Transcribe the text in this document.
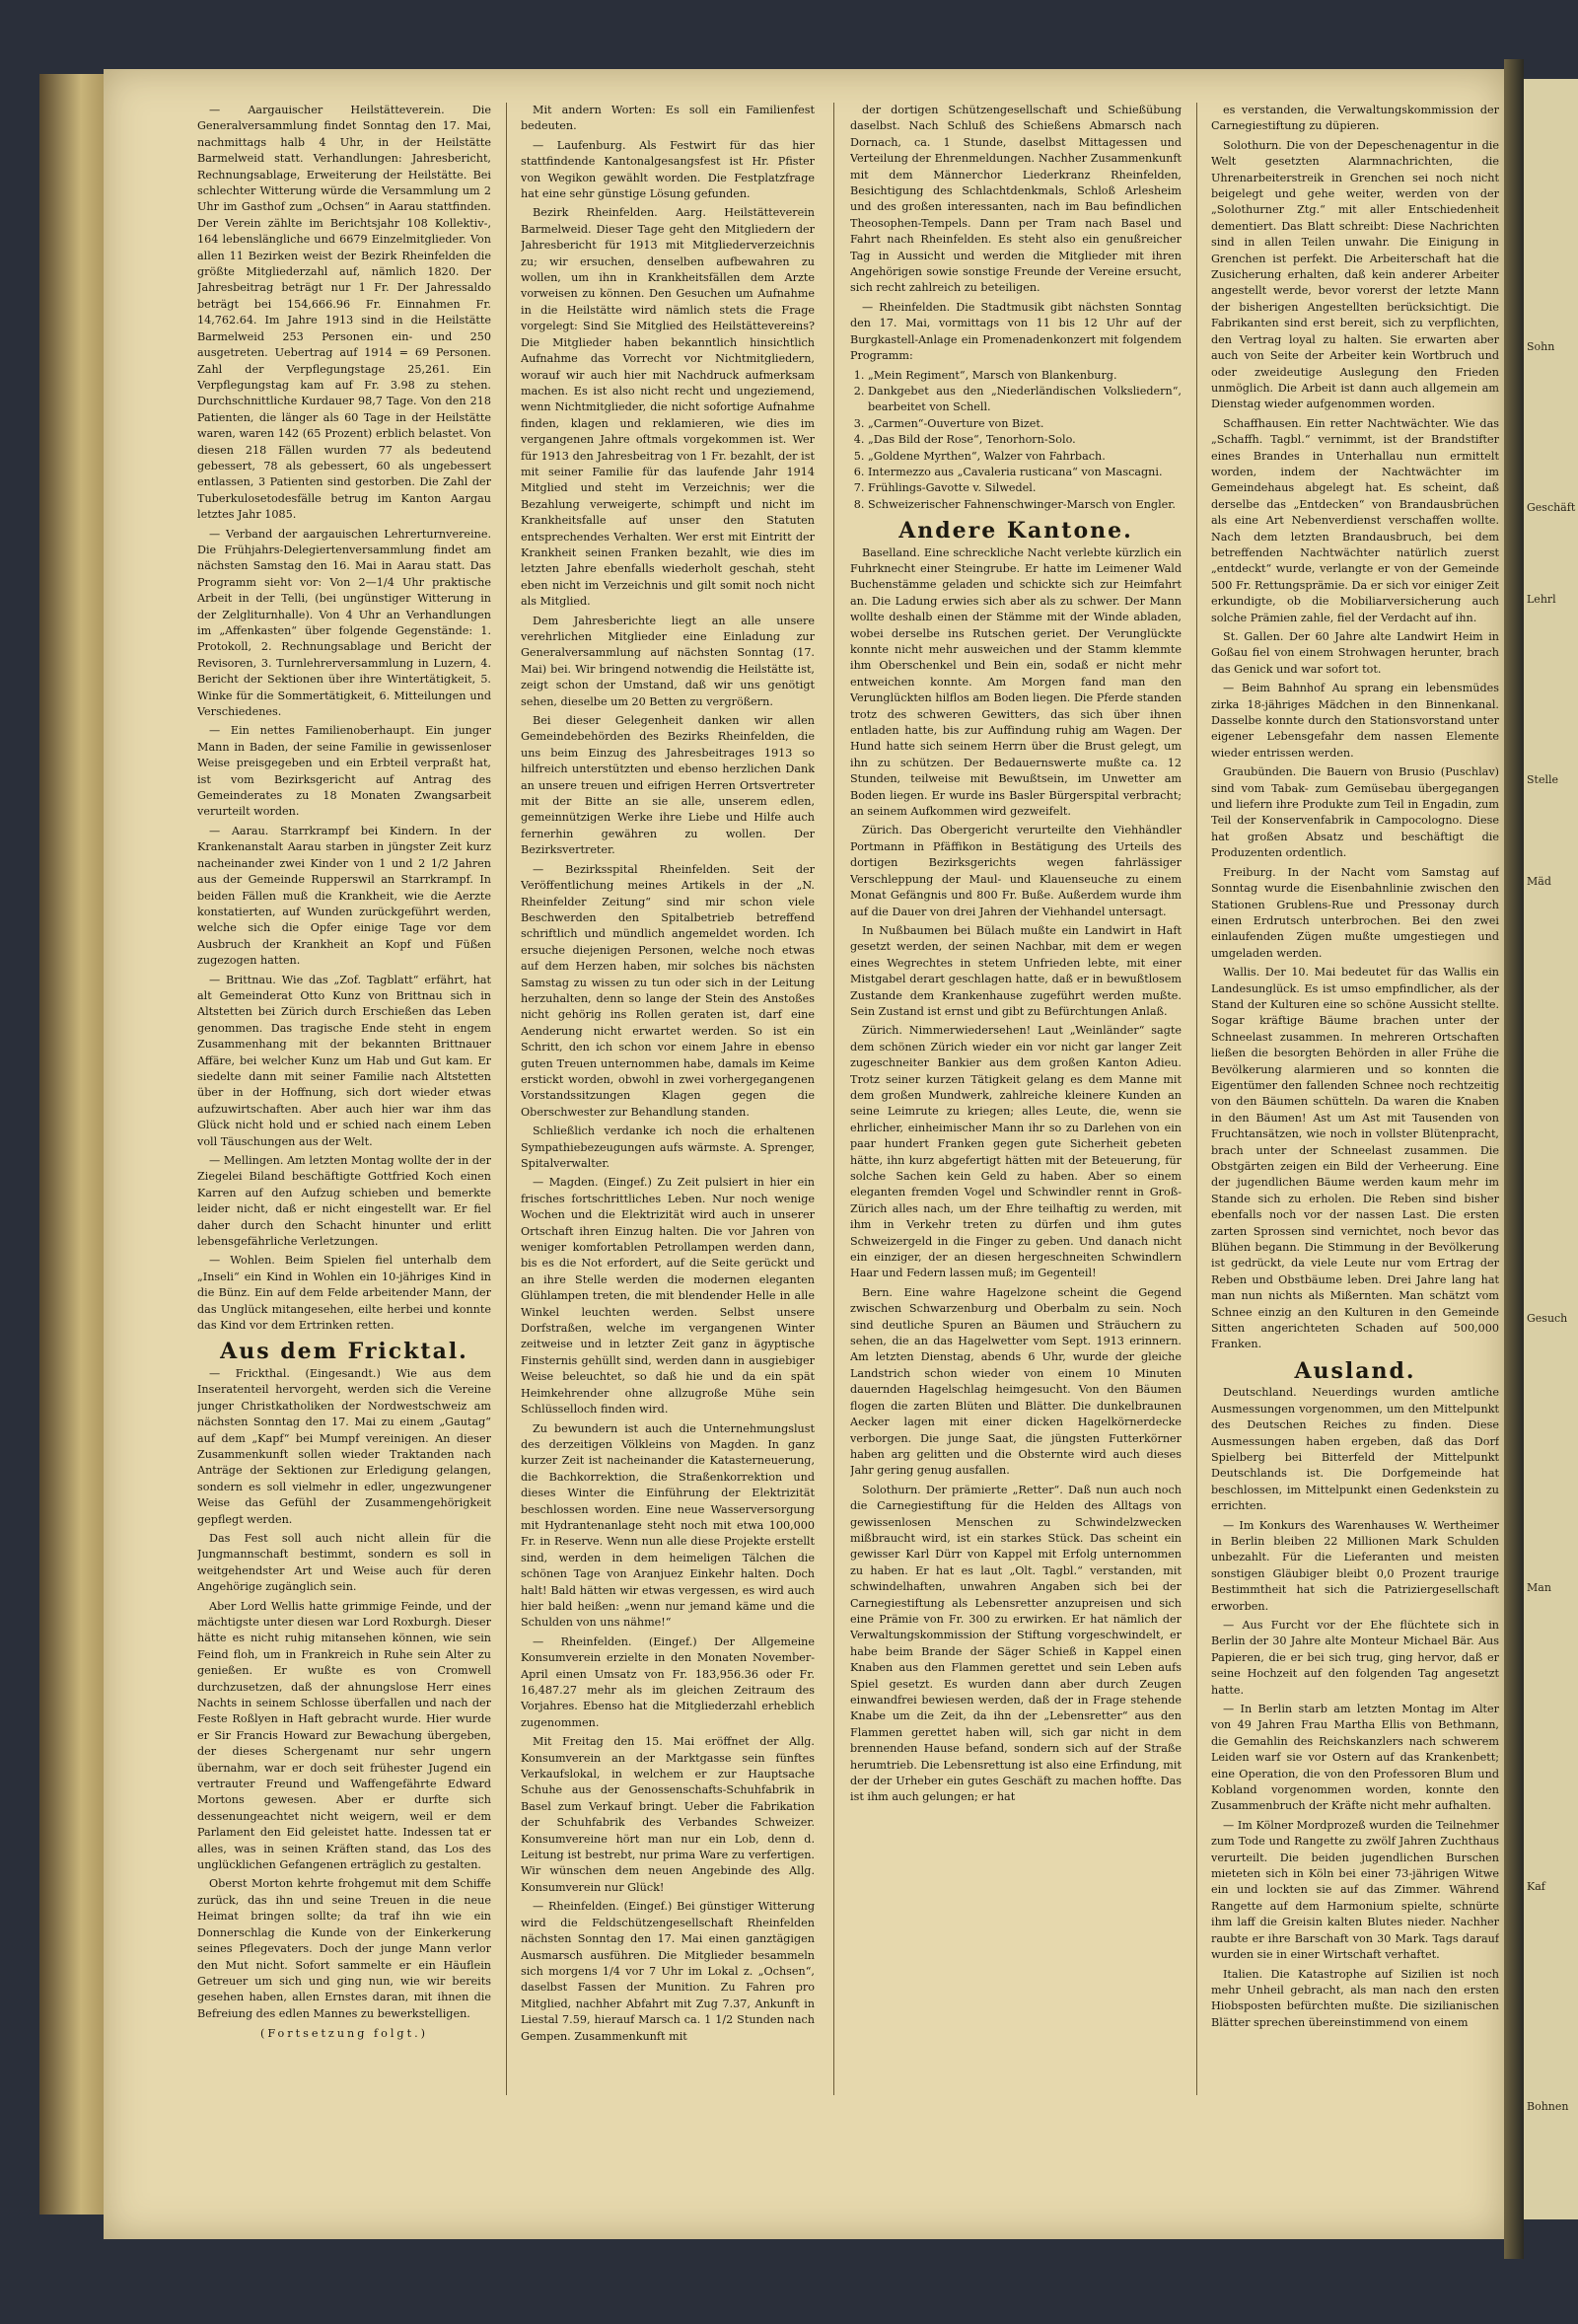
Sohn
Geschäft
Lehrl
Stelle
Mäd
Gesuch
Man
Kaf
Bohnen

— Aargauischer Heilstätteverein. Die Generalversammlung findet Sonntag den 17. Mai, nachmittags halb 4 Uhr, in der Heilstätte Barmelweid statt. Verhandlungen: Jahresbericht, Rechnungsablage, Erweiterung der Heilstätte. Bei schlechter Witterung würde die Versammlung um 2 Uhr im Gasthof zum „Ochsen“ in Aarau stattfinden. Der Verein zählte im Berichtsjahr 108 Kollektiv-, 164 lebenslängliche und 6679 Einzelmitglieder. Von allen 11 Bezirken weist der Bezirk Rheinfelden die größte Mitgliederzahl auf, nämlich 1820. Der Jahresbeitrag beträgt nur 1 Fr. Der Jahressaldo beträgt bei 154,666.96 Fr. Einnahmen Fr. 14,762.64. Im Jahre 1913 sind in die Heilstätte Barmelweid 253 Personen ein- und 250 ausgetreten. Uebertrag auf 1914 = 69 Personen. Zahl der Verpflegungstage 25,261. Ein Verpflegungstag kam auf Fr. 3.98 zu stehen. Durchschnittliche Kurdauer 98,7 Tage. Von den 218 Patienten, die länger als 60 Tage in der Heilstätte waren, waren 142 (65 Prozent) erblich belastet. Von diesen 218 Fällen wurden 77 als bedeutend gebessert, 78 als gebessert, 60 als ungebessert entlassen, 3 Patienten sind gestorben. Die Zahl der Tuberkulosetodesfälle betrug im Kanton Aargau letztes Jahr 1085.

— Verband der aargauischen Lehrerturnvereine. Die Frühjahrs-Delegiertenversammlung findet am nächsten Samstag den 16. Mai in Aarau statt. Das Programm sieht vor: Von 2—1/4 Uhr praktische Arbeit in der Telli, (bei ungünstiger Witterung in der Zelgliturnhalle). Von 4 Uhr an Verhandlungen im „Affenkasten“ über folgende Gegenstände: 1. Protokoll, 2. Rechnungsablage und Bericht der Revisoren, 3. Turnlehrerversammlung in Luzern, 4. Bericht der Sektionen über ihre Wintertätigkeit, 5. Winke für die Sommertätigkeit, 6. Mitteilungen und Verschiedenes.

— Ein nettes Familienoberhaupt. Ein junger Mann in Baden, der seine Familie in gewissenloser Weise preisgegeben und ein Erbteil verpraßt hat, ist vom Bezirksgericht auf Antrag des Gemeinderates zu 18 Monaten Zwangsarbeit verurteilt worden.

— Aarau. Starrkrampf bei Kindern. In der Krankenanstalt Aarau starben in jüngster Zeit kurz nacheinander zwei Kinder von 1 und 2 1/2 Jahren aus der Gemeinde Rupperswil an Starrkrampf. In beiden Fällen muß die Krankheit, wie die Aerzte konstatierten, auf Wunden zurückgeführt werden, welche sich die Opfer einige Tage vor dem Ausbruch der Krankheit an Kopf und Füßen zugezogen hatten.

— Brittnau. Wie das „Zof. Tagblatt“ erfährt, hat alt Gemeinderat Otto Kunz von Brittnau sich in Altstetten bei Zürich durch Erschießen das Leben genommen. Das tragische Ende steht in engem Zusammenhang mit der bekannten Brittnauer Affäre, bei welcher Kunz um Hab und Gut kam. Er siedelte dann mit seiner Familie nach Altstetten über in der Hoffnung, sich dort wieder etwas aufzuwirtschaften. Aber auch hier war ihm das Glück nicht hold und er schied nach einem Leben voll Täuschungen aus der Welt.

— Mellingen. Am letzten Montag wollte der in der Ziegelei Biland beschäftigte Gottfried Koch einen Karren auf den Aufzug schieben und bemerkte leider nicht, daß er nicht eingestellt war. Er fiel daher durch den Schacht hinunter und erlitt lebensgefährliche Verletzungen.

— Wohlen. Beim Spielen fiel unterhalb dem „Inseli“ ein Kind in Wohlen ein 10-jähriges Kind in die Bünz. Ein auf dem Felde arbeitender Mann, der das Unglück mitangesehen, eilte herbei und konnte das Kind vor dem Ertrinken retten.

Aus dem Fricktal.

— Frickthal. (Eingesandt.) Wie aus dem Inseratenteil hervorgeht, werden sich die Vereine junger Christkatholiken der Nordwestschweiz am nächsten Sonntag den 17. Mai zu einem „Gautag“ auf dem „Kapf“ bei Mumpf vereinigen. An dieser Zusammenkunft sollen wieder Traktanden nach Anträge der Sektionen zur Erledigung gelangen, sondern es soll vielmehr in edler, ungezwungener Weise das Gefühl der Zusammengehörigkeit gepflegt werden.

Das Fest soll auch nicht allein für die Jungmannschaft bestimmt, sondern es soll in weitgehendster Art und Weise auch für deren Angehörige zugänglich sein.

Aber Lord Wellis hatte grimmige Feinde, und der mächtigste unter diesen war Lord Roxburgh. Dieser hätte es nicht ruhig mitansehen können, wie sein Feind floh, um in Frankreich in Ruhe sein Alter zu genießen. Er wußte es von Cromwell durchzusetzen, daß der ahnungslose Herr eines Nachts in seinem Schlosse überfallen und nach der Feste Roßlyen in Haft gebracht wurde. Hier wurde er Sir Francis Howard zur Bewachung übergeben, der dieses Schergenamt nur sehr ungern übernahm, war er doch seit frühester Jugend ein vertrauter Freund und Waffengefährte Edward Mortons gewesen. Aber er durfte sich dessenungeachtet nicht weigern, weil er dem Parlament den Eid geleistet hatte. Indessen tat er alles, was in seinen Kräften stand, das Los des unglücklichen Gefangenen erträglich zu gestalten.

Oberst Morton kehrte frohgemut mit dem Schiffe zurück, das ihn und seine Treuen in die neue Heimat bringen sollte; da traf ihn wie ein Donnerschlag die Kunde von der Einkerkerung seines Pflegevaters. Doch der junge Mann verlor den Mut nicht. Sofort sammelte er ein Häuflein Getreuer um sich und ging nun, wie wir bereits gesehen haben, allen Ernstes daran, mit ihnen die Befreiung des edlen Mannes zu bewerkstelligen.

(Fortsetzung folgt.)

Mit andern Worten: Es soll ein Familienfest bedeuten.

— Laufenburg. Als Festwirt für das hier stattfindende Kantonalgesangsfest ist Hr. Pfister von Wegikon gewählt worden. Die Festplatzfrage hat eine sehr günstige Lösung gefunden.

Bezirk Rheinfelden. Aarg. Heilstätteverein Barmelweid. Dieser Tage geht den Mitgliedern der Jahresbericht für 1913 mit Mitgliederverzeichnis zu; wir ersuchen, denselben aufbewahren zu wollen, um ihn in Krankheitsfällen dem Arzte vorweisen zu können. Den Gesuchen um Aufnahme in die Heilstätte wird nämlich stets die Frage vorgelegt: Sind Sie Mitglied des Heilstättevereins? Die Mitglieder haben bekanntlich hinsichtlich Aufnahme das Vorrecht vor Nichtmitgliedern, worauf wir auch hier mit Nachdruck aufmerksam machen. Es ist also nicht recht und ungeziemend, wenn Nichtmitglieder, die nicht sofortige Aufnahme finden, klagen und reklamieren, wie dies im vergangenen Jahre oftmals vorgekommen ist. Wer für 1913 den Jahresbeitrag von 1 Fr. bezahlt, der ist mit seiner Familie für das laufende Jahr 1914 Mitglied und steht im Verzeichnis; wer die Bezahlung verweigerte, schimpft und nicht im Krankheitsfalle auf unser den Statuten entsprechendes Verhalten. Wer erst mit Eintritt der Krankheit seinen Franken bezahlt, wie dies im letzten Jahre ebenfalls wiederholt geschah, steht eben nicht im Verzeichnis und gilt somit noch nicht als Mitglied.

Dem Jahresberichte liegt an alle unsere verehrlichen Mitglieder eine Einladung zur Generalversammlung auf nächsten Sonntag (17. Mai) bei. Wir bringend notwendig die Heilstätte ist, zeigt schon der Umstand, daß wir uns genötigt sehen, dieselbe um 20 Betten zu vergrößern.

Bei dieser Gelegenheit danken wir allen Gemeindebehörden des Bezirks Rheinfelden, die uns beim Einzug des Jahresbeitrages 1913 so hilfreich unterstützten und ebenso herzlichen Dank an unsere treuen und eifrigen Herren Ortsvertreter mit der Bitte an sie alle, unserem edlen, gemeinnützigen Werke ihre Liebe und Hilfe auch fernerhin gewähren zu wollen. Der Bezirksvertreter.

— Bezirksspital Rheinfelden. Seit der Veröffentlichung meines Artikels in der „N. Rheinfelder Zeitung“ sind mir schon viele Beschwerden den Spitalbetrieb betreffend schriftlich und mündlich angemeldet worden. Ich ersuche diejenigen Personen, welche noch etwas auf dem Herzen haben, mir solches bis nächsten Samstag zu wissen zu tun oder sich in der Leitung herzuhalten, denn so lange der Stein des Anstoßes nicht gehörig ins Rollen geraten ist, darf eine Aenderung nicht erwartet werden. So ist ein Schritt, den ich schon vor einem Jahre in ebenso guten Treuen unternommen habe, damals im Keime erstickt worden, obwohl in zwei vorhergegangenen Vorstandssitzungen Klagen gegen die Oberschwester zur Behandlung standen.

Schließlich verdanke ich noch die erhaltenen Sympathiebezeugungen aufs wärmste. A. Sprenger, Spitalverwalter.

— Magden. (Eingef.) Zu Zeit pulsiert in hier ein frisches fortschrittliches Leben. Nur noch wenige Wochen und die Elektrizität wird auch in unserer Ortschaft ihren Einzug halten. Die vor Jahren von weniger komfortablen Petrollampen werden dann, bis es die Not erfordert, auf die Seite gerückt und an ihre Stelle werden die modernen eleganten Glühlampen treten, die mit blendender Helle in alle Winkel leuchten werden. Selbst unsere Dorfstraßen, welche im vergangenen Winter zeitweise und in letzter Zeit ganz in ägyptische Finsternis gehüllt sind, werden dann in ausgiebiger Weise beleuchtet, so daß hie und da ein spät Heimkehrender ohne allzugroße Mühe sein Schlüsselloch finden wird.

Zu bewundern ist auch die Unternehmungslust des derzeitigen Völkleins von Magden. In ganz kurzer Zeit ist nacheinander die Katasterneuerung, die Bachkorrektion, die Straßenkorrektion und dieses Winter die Einführung der Elektrizität beschlossen worden. Eine neue Wasserversorgung mit Hydrantenanlage steht noch mit etwa 100,000 Fr. in Reserve. Wenn nun alle diese Projekte erstellt sind, werden in dem heimeligen Tälchen die schönen Tage von Aranjuez Einkehr halten. Doch halt! Bald hätten wir etwas vergessen, es wird auch hier bald heißen: „wenn nur jemand käme und die Schulden von uns nähme!“

— Rheinfelden. (Eingef.) Der Allgemeine Konsumverein erzielte in den Monaten November-April einen Umsatz von Fr. 183,956.36 oder Fr. 16,487.27 mehr als im gleichen Zeitraum des Vorjahres. Ebenso hat die Mitgliederzahl erheblich zugenommen.

Mit Freitag den 15. Mai eröffnet der Allg. Konsumverein an der Marktgasse sein fünftes Verkaufslokal, in welchem er zur Hauptsache Schuhe aus der Genossenschafts-Schuhfabrik in Basel zum Verkauf bringt. Ueber die Fabrikation der Schuhfabrik des Verbandes Schweizer. Konsumvereine hört man nur ein Lob, denn d. Leitung ist bestrebt, nur prima Ware zu verfertigen. Wir wünschen dem neuen Angebinde des Allg. Konsumverein nur Glück!

— Rheinfelden. (Eingef.) Bei günstiger Witterung wird die Feldschützengesellschaft Rheinfelden nächsten Sonntag den 17. Mai einen ganztägigen Ausmarsch ausführen. Die Mitglieder besammeln sich morgens 1/4 vor 7 Uhr im Lokal z. „Ochsen“, daselbst Fassen der Munition. Zu Fahren pro Mitglied, nachher Abfahrt mit Zug 7.37, Ankunft in Liestal 7.59, hierauf Marsch ca. 1 1/2 Stunden nach Gempen. Zusammenkunft mit

der dortigen Schützengesellschaft und Schießübung daselbst. Nach Schluß des Schießens Abmarsch nach Dornach, ca. 1 Stunde, daselbst Mittagessen und Verteilung der Ehrenmeldungen. Nachher Zusammenkunft mit dem Männerchor Liederkranz Rheinfelden, Besichtigung des Schlachtdenkmals, Schloß Arlesheim und des großen interessanten, nach im Bau befindlichen Theosophen-Tempels. Dann per Tram nach Basel und Fahrt nach Rheinfelden. Es steht also ein genußreicher Tag in Aussicht und werden die Mitglieder mit ihren Angehörigen sowie sonstige Freunde der Vereine ersucht, sich recht zahlreich zu beteiligen.

— Rheinfelden. Die Stadtmusik gibt nächsten Sonntag den 17. Mai, vormittags von 11 bis 12 Uhr auf der Burgkastell-Anlage ein Promenadenkonzert mit folgendem Programm:

1. „Mein Regiment“, Marsch von Blankenburg.
2. Dankgebet aus den „Niederländischen Volksliedern“, bearbeitet von Schell.
3. „Carmen“-Ouverture von Bizet.
4. „Das Bild der Rose“, Tenorhorn-Solo.
5. „Goldene Myrthen“, Walzer von Fahrbach.
6. Intermezzo aus „Cavaleria rusticana“ von Mascagni.
7. Frühlings-Gavotte v. Silwedel.
8. Schweizerischer Fahnenschwinger-Marsch von Engler.
Andere Kantone.

Baselland. Eine schreckliche Nacht verlebte kürzlich ein Fuhrknecht einer Steingrube. Er hatte im Leimener Wald Buchenstämme geladen und schickte sich zur Heimfahrt an. Die Ladung erwies sich aber als zu schwer. Der Mann wollte deshalb einen der Stämme mit der Winde abladen, wobei derselbe ins Rutschen geriet. Der Verunglückte konnte nicht mehr ausweichen und der Stamm klemmte ihm Oberschenkel und Bein ein, sodaß er nicht mehr entweichen konnte. Am Morgen fand man den Verunglückten hilflos am Boden liegen. Die Pferde standen trotz des schweren Gewitters, das sich über ihnen entladen hatte, bis zur Auffindung ruhig am Wagen. Der Hund hatte sich seinem Herrn über die Brust gelegt, um ihn zu schützen. Der Bedauernswerte mußte ca. 12 Stunden, teilweise mit Bewußtsein, im Unwetter am Boden liegen. Er wurde ins Basler Bürgerspital verbracht; an seinem Aufkommen wird gezweifelt.

Zürich. Das Obergericht verurteilte den Viehhändler Portmann in Pfäffikon in Bestätigung des Urteils des dortigen Bezirksgerichts wegen fahrlässiger Verschleppung der Maul- und Klauenseuche zu einem Monat Gefängnis und 800 Fr. Buße. Außerdem wurde ihm auf die Dauer von drei Jahren der Viehhandel untersagt.

In Nußbaumen bei Bülach mußte ein Landwirt in Haft gesetzt werden, der seinen Nachbar, mit dem er wegen eines Wegrechtes in stetem Unfrieden lebte, mit einer Mistgabel derart geschlagen hatte, daß er in bewußtlosem Zustande dem Krankenhause zugeführt werden mußte. Sein Zustand ist ernst und gibt zu Befürchtungen Anlaß.

Zürich. Nimmerwiedersehen! Laut „Weinländer“ sagte dem schönen Zürich wieder ein vor nicht gar langer Zeit zugeschneiter Bankier aus dem großen Kanton Adieu. Trotz seiner kurzen Tätigkeit gelang es dem Manne mit dem großen Mundwerk, zahlreiche kleinere Kunden an seine Leimrute zu kriegen; alles Leute, die, wenn sie ehrlicher, einheimischer Mann ihr so zu Darlehen von ein paar hundert Franken gegen gute Sicherheit gebeten hätte, ihn kurz abgefertigt hätten mit der Beteuerung, für solche Sachen kein Geld zu haben. Aber so einem eleganten fremden Vogel und Schwindler rennt in Groß-Zürich alles nach, um der Ehre teilhaftig zu werden, mit ihm in Verkehr treten zu dürfen und ihm gutes Schweizergeld in die Finger zu geben. Und danach nicht ein einziger, der an diesen hergeschneiten Schwindlern Haar und Federn lassen muß; im Gegenteil!

Bern. Eine wahre Hagelzone scheint die Gegend zwischen Schwarzenburg und Oberbalm zu sein. Noch sind deutliche Spuren an Bäumen und Sträuchern zu sehen, die an das Hagelwetter vom Sept. 1913 erinnern. Am letzten Dienstag, abends 6 Uhr, wurde der gleiche Landstrich schon wieder von einem 10 Minuten dauernden Hagelschlag heimgesucht. Von den Bäumen flogen die zarten Blüten und Blätter. Die dunkelbraunen Aecker lagen mit einer dicken Hagelkörnerdecke verborgen. Die junge Saat, die jüngsten Futterkörner haben arg gelitten und die Obsternte wird auch dieses Jahr gering genug ausfallen.

Solothurn. Der prämierte „Retter“. Daß nun auch noch die Carnegiestiftung für die Helden des Alltags von gewissenlosen Menschen zu Schwindelzwecken mißbraucht wird, ist ein starkes Stück. Das scheint ein gewisser Karl Dürr von Kappel mit Erfolg unternommen zu haben. Er hat es laut „Olt. Tagbl.“ verstanden, mit schwindelhaften, unwahren Angaben sich bei der Carnegiestiftung als Lebensretter anzupreisen und sich eine Prämie von Fr. 300 zu erwirken. Er hat nämlich der Verwaltungskommission der Stiftung vorgeschwindelt, er habe beim Brande der Säger Schieß in Kappel einen Knaben aus den Flammen gerettet und sein Leben aufs Spiel gesetzt. Es wurden dann aber durch Zeugen einwandfrei bewiesen werden, daß der in Frage stehende Knabe um die Zeit, da ihn der „Lebensretter“ aus den Flammen gerettet haben will, sich gar nicht in dem brennenden Hause befand, sondern sich auf der Straße herumtrieb. Die Lebensrettung ist also eine Erfindung, mit der der Urheber ein gutes Geschäft zu machen hoffte. Das ist ihm auch gelungen; er hat

es verstanden, die Verwaltungskommission der Carnegiestiftung zu düpieren.

Solothurn. Die von der Depeschenagentur in die Welt gesetzten Alarmnachrichten, die Uhrenarbeiterstreik in Grenchen sei noch nicht beigelegt und gehe weiter, werden von der „Solothurner Ztg.“ mit aller Entschiedenheit dementiert. Das Blatt schreibt: Diese Nachrichten sind in allen Teilen unwahr. Die Einigung in Grenchen ist perfekt. Die Arbeiterschaft hat die Zusicherung erhalten, daß kein anderer Arbeiter angestellt werde, bevor vorerst der letzte Mann der bisherigen Angestellten berücksichtigt. Die Fabrikanten sind erst bereit, sich zu verpflichten, den Vertrag loyal zu halten. Sie erwarten aber auch von Seite der Arbeiter kein Wortbruch und oder zweideutige Auslegung den Frieden unmöglich. Die Arbeit ist dann auch allgemein am Dienstag wieder aufgenommen worden.

Schaffhausen. Ein retter Nachtwächter. Wie das „Schaffh. Tagbl.“ vernimmt, ist der Brandstifter eines Brandes in Unterhallau nun ermittelt worden, indem der Nachtwächter im Gemeindehaus abgelegt hat. Es scheint, daß derselbe das „Entdecken“ von Brandausbrüchen als eine Art Nebenverdienst verschaffen wollte. Nach dem letzten Brandausbruch, bei dem betreffenden Nachtwächter natürlich zuerst „entdeckt“ wurde, verlangte er von der Gemeinde 500 Fr. Rettungsprämie. Da er sich vor einiger Zeit erkundigte, ob die Mobiliarversicherung auch solche Prämien zahle, fiel der Verdacht auf ihn.

St. Gallen. Der 60 Jahre alte Landwirt Heim in Goßau fiel von einem Strohwagen herunter, brach das Genick und war sofort tot.

— Beim Bahnhof Au sprang ein lebensmüdes zirka 18-jähriges Mädchen in den Binnenkanal. Dasselbe konnte durch den Stationsvorstand unter eigener Lebensgefahr dem nassen Elemente wieder entrissen werden.

Graubünden. Die Bauern von Brusio (Puschlav) sind vom Tabak- zum Gemüsebau übergegangen und liefern ihre Produkte zum Teil in Engadin, zum Teil der Konservenfabrik in Campocologno. Diese hat großen Absatz und beschäftigt die Produzenten ordentlich.

Freiburg. In der Nacht vom Samstag auf Sonntag wurde die Eisenbahnlinie zwischen den Stationen Grublens-Rue und Pressonay durch einen Erdrutsch unterbrochen. Bei den zwei einlaufenden Zügen mußte umgestiegen und umgeladen werden.

Wallis. Der 10. Mai bedeutet für das Wallis ein Landesunglück. Es ist umso empfindlicher, als der Stand der Kulturen eine so schöne Aussicht stellte. Sogar kräftige Bäume brachen unter der Schneelast zusammen. In mehreren Ortschaften ließen die besorgten Behörden in aller Frühe die Bevölkerung alarmieren und so konnten die Eigentümer den fallenden Schnee noch rechtzeitig von den Bäumen schütteln. Da waren die Knaben in den Bäumen! Ast um Ast mit Tausenden von Fruchtansätzen, wie noch in vollster Blütenpracht, brach unter der Schneelast zusammen. Die Obstgärten zeigen ein Bild der Verheerung. Eine der jugendlichen Bäume werden kaum mehr im Stande sich zu erholen. Die Reben sind bisher ebenfalls noch vor der nassen Last. Die ersten zarten Sprossen sind vernichtet, noch bevor das Blühen begann. Die Stimmung in der Bevölkerung ist gedrückt, da viele Leute nur vom Ertrag der Reben und Obstbäume leben. Drei Jahre lang hat man nun nichts als Mißernten. Man schätzt vom Schnee einzig an den Kulturen in den Gemeinde Sitten angerichteten Schaden auf 500,000 Franken.

Ausland.

Deutschland. Neuerdings wurden amtliche Ausmessungen vorgenommen, um den Mittelpunkt des Deutschen Reiches zu finden. Diese Ausmessungen haben ergeben, daß das Dorf Spielberg bei Bitterfeld der Mittelpunkt Deutschlands ist. Die Dorfgemeinde hat beschlossen, im Mittelpunkt einen Gedenkstein zu errichten.

— Im Konkurs des Warenhauses W. Wertheimer in Berlin bleiben 22 Millionen Mark Schulden unbezahlt. Für die Lieferanten und meisten sonstigen Gläubiger bleibt 0,0 Prozent traurige Bestimmtheit hat sich die Patriziergesellschaft erworben.

— Aus Furcht vor der Ehe flüchtete sich in Berlin der 30 Jahre alte Monteur Michael Bär. Aus Papieren, die er bei sich trug, ging hervor, daß er seine Hochzeit auf den folgenden Tag angesetzt hatte.

— In Berlin starb am letzten Montag im Alter von 49 Jahren Frau Martha Ellis von Bethmann, die Gemahlin des Reichskanzlers nach schwerem Leiden warf sie vor Ostern auf das Krankenbett; eine Operation, die von den Professoren Blum und Kobland vorgenommen worden, konnte den Zusammenbruch der Kräfte nicht mehr aufhalten.

— Im Kölner Mordprozeß wurden die Teilnehmer zum Tode und Rangette zu zwölf Jahren Zuchthaus verurteilt. Die beiden jugendlichen Burschen mieteten sich in Köln bei einer 73-jährigen Witwe ein und lockten sie auf das Zimmer. Während Rangette auf dem Harmonium spielte, schnürte ihm laff die Greisin kalten Blutes nieder. Nachher raubte er ihre Barschaft von 30 Mark. Tags darauf wurden sie in einer Wirtschaft verhaftet.

Italien. Die Katastrophe auf Sizilien ist noch mehr Unheil gebracht, als man nach den ersten Hiobsposten befürchten mußte. Die sizilianischen Blätter sprechen übereinstimmend von einem
